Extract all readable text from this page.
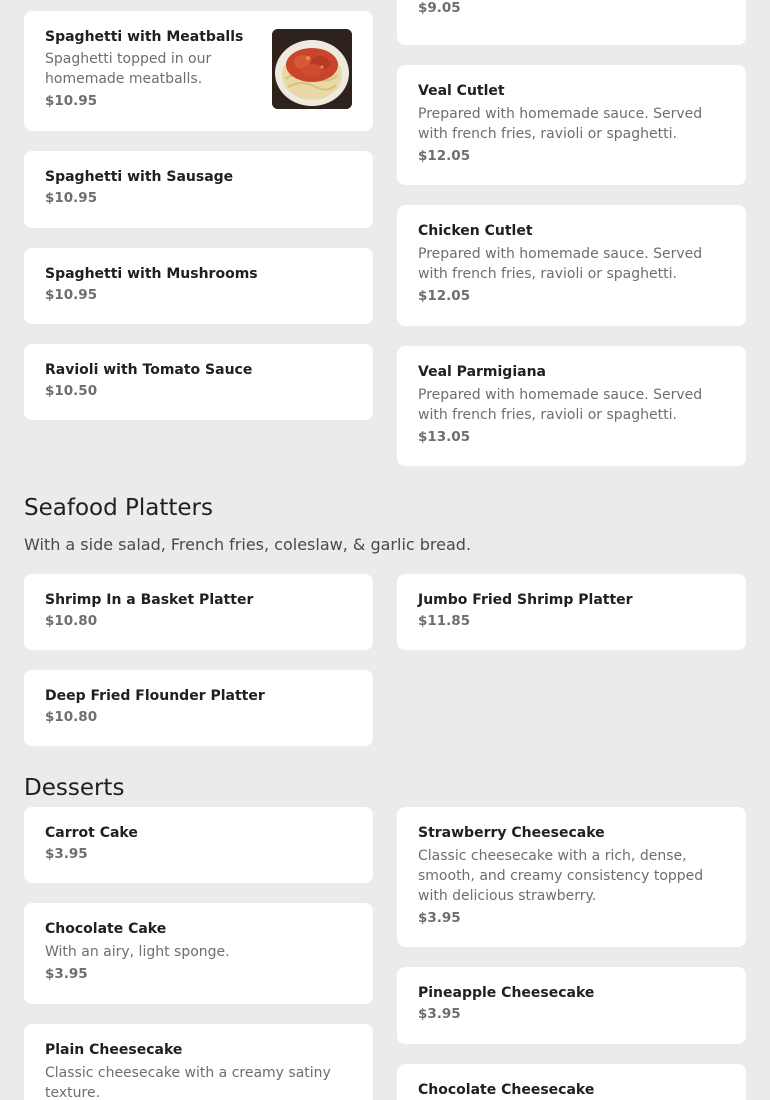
$9.05
Spaghetti with Meatballs
Spaghetti topped in our homemade meatballs.
$10.95
Spaghetti with Sausage
$10.95
Spaghetti with Mushrooms
$10.95
Ravioli with Tomato Sauce
$10.50
Veal Cutlet
Prepared with homemade sauce. Served with french fries, ravioli or spaghetti.
$12.05
Chicken Cutlet
Prepared with homemade sauce. Served with french fries, ravioli or spaghetti.
$12.05
Veal Parmigiana
Prepared with homemade sauce. Served with french fries, ravioli or spaghetti.
$13.05
Seafood Platters
With a side salad, French fries, coleslaw, & garlic bread.
Shrimp In a Basket Platter
$10.80
Jumbo Fried Shrimp Platter
$11.85
Deep Fried Flounder Platter
$10.80
Desserts
Carrot Cake
$3.95
Strawberry Cheesecake
Classic cheesecake with a rich, dense, smooth, and creamy consistency topped with delicious strawberry.
$3.95
Chocolate Cake
With an airy, light sponge.
$3.95
Pineapple Cheesecake
$3.95
Plain Cheesecake
Classic cheesecake with a creamy satiny texture.	Chocolate Cheesecake
